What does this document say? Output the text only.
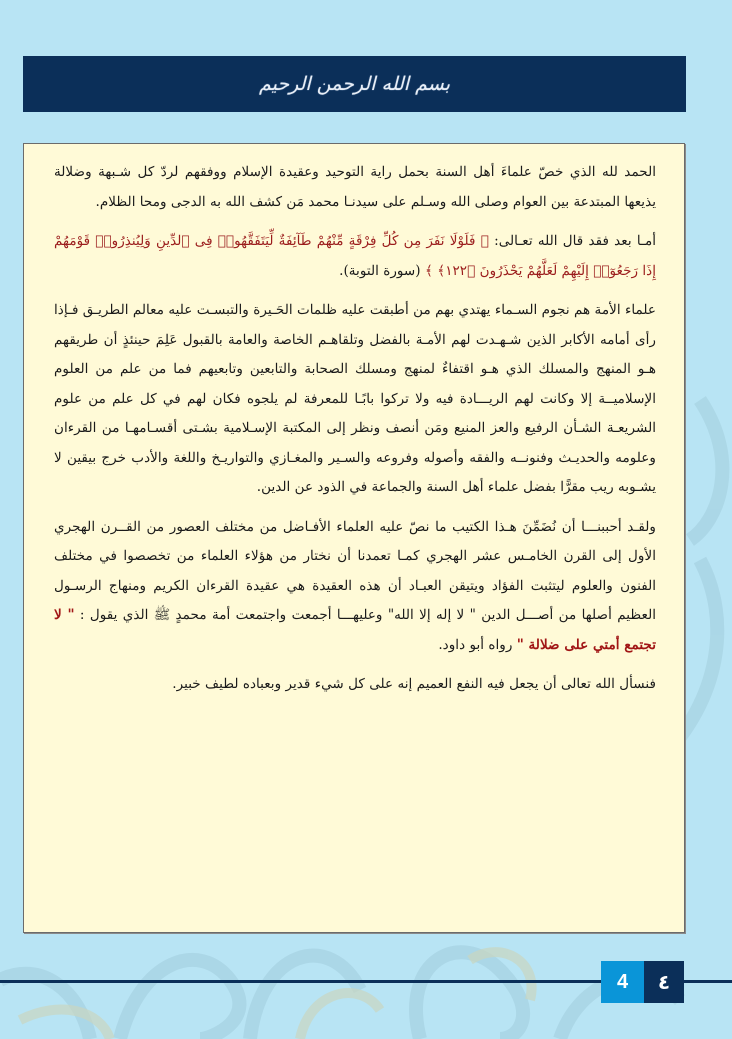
بسم الله الرحمن الرحيم

الحمد لله الذي خصّ علماءَ أهل السنة بحمل راية التوحيد وعقيدة الإسلام ووفقهم لردّ كل شـبهة وضلالة يذيعها المبتدعة بين العوام وصلى الله وسـلم على سيدنـا محمد مَن كشف الله به الدجى ومحا الظلام.

أمـا بعد فقد قال الله تعـالى: ﴿ فَلَوْلَا نَفَرَ مِن كُلِّ فِرْقَةٍ مِّنْهُمْ طَآئِفَةٌ لِّيَتَفَقَّهُوا۟ فِى ٱلدِّينِ وَلِيُنذِرُوا۟ قَوْمَهُمْ إِذَا رَجَعُوٓا۟ إِلَيْهِمْ لَعَلَّهُمْ يَحْذَرُونَ ﴿١٢٢﴾ ﴾ (سورة التوبة).

علماء الأمة هم نجوم السـماء يهتدي بهم من أطبقت عليه ظلمات الحَـيرة والتبسـت عليه معالم الطريـق فـإذا رأى أمامه الأكابر الذين شـهـدت لهم الأمـة بالفضل وتلقاهـم الخاصة والعامة بالقبول عَلِمَ حينئذٍ أن طريقهم هـو المنهج والمسلك الذي هـو اقتفاءٌ لمنهج ومسلك الصحابة والتابعين وتابعيهم فما من علم من العلوم الإسلاميــة إلا وكانت لهم الريـــادة فيه ولا تركوا بابًـا للمعرفة لم يلجوه فكان لهم في كل علم من علوم الشريعـة الشـأن الرفيع والعز المنيع ومَن أنصف ونظر إلى المكتبة الإسـلامية بشـتى أقسـامهـا من القرءان وعلومه والحديـث وفنونــه والفقه وأصوله وفروعه والسـير والمغـازي والتواريـخ واللغة والأدب خرج بيقين لا يشـوبه ريب مقرًّا بفضل علماء أهل السنة والجماعة في الذود عن الدين.

ولقـد أحببنـــا أن نُضَمِّنَ هـذا الكتيب ما نصّ عليه العلماء الأفـاضل من مختلف العصور من القــرن الهجري الأول إلى القرن الخامـس عشر الهجري كمـا تعمدنا أن نختار من هؤلاء العلماء من تخصصوا في مختلف الفنون والعلوم ليتثبت الفؤاد ويتيقن العبـاد أن هذه العقيدة هي عقيدة القرءان الكريم ومنهاج الرسـول العظيم أصلها من أصـــل الدين " لا إله إلا الله" وعليهـــا أجمعت واجتمعت أمة محمدٍ ﷺ الذي يقول : " لا تجتمع أمتي على ضلالة " رواه أبو داود.

فنسأل الله تعالى أن يجعل فيه النفع العميم إنه على كل شيء قدير وبعباده لطيف خبير.

4	٤
